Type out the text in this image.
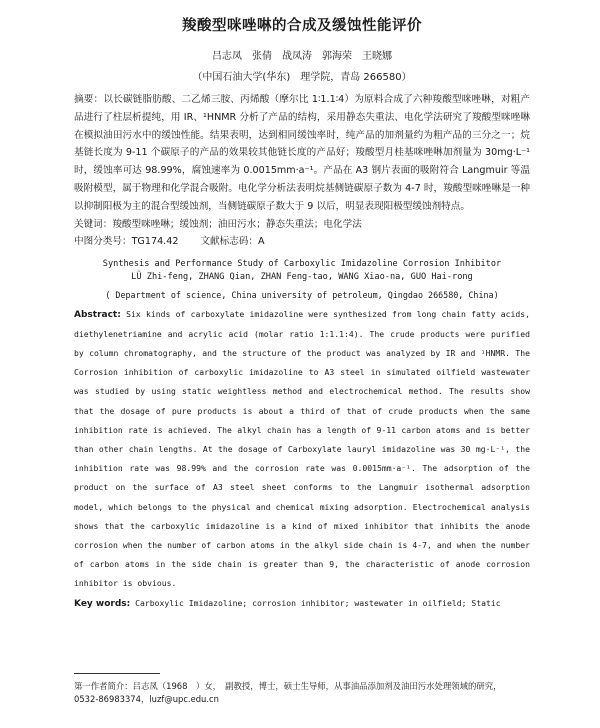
羧酸型咪唑啉的合成及缓蚀性能评价

吕志凤　张倩　战凤涛　郭海荣　王晓娜

（中国石油大学(华东)　理学院，青岛 266580）

摘要：以长碳链脂肪酸、二乙烯三胺、丙烯酸（摩尔比 1∶1.1∶4）为原料合成了六种羧酸型咪唑啉，对粗产品进行了柱层析提纯，用 IR、¹HNMR 分析了产品的结构，采用静态失重法、电化学法研究了羧酸型咪唑啉在模拟油田污水中的缓蚀性能。结果表明，达到相同缓蚀率时，纯产品的加剂量约为粗产品的三分之一；烷基链长度为 9-11 个碳原子的产品的效果较其他链长度的产品好；羧酸型月桂基咪唑啉加剂量为 30mg·L⁻¹时，缓蚀率可达 98.99%，腐蚀速率为 0.0015mm·a⁻¹。产品在 A3 钢片表面的吸附符合 Langmuir 等温吸附模型，属于物理和化学混合吸附。电化学分析法表明烷基侧链碳原子数为 4-7 时，羧酸型咪唑啉是一种以抑制阳极为主的混合型缓蚀剂，当侧链碳原子数大于 9 以后，明显表现阳极型缓蚀剂特点。

关键词：羧酸型咪唑啉；缓蚀剂；油田污水；静态失重法；电化学法

中图分类号：TG174.42 文献标志码：A

Synthesis and Performance Study of Carboxylic Imidazoline Corrosion Inhibitor

LÜ Zhi-feng, ZHANG Qian, ZHAN Feng-tao, WANG Xiao-na, GUO Hai-rong

( Department of science, China university of petroleum, Qingdao 266580, China)

Abstract: Six kinds of carboxylate imidazoline were synthesized from long chain fatty acids, diethylenetriamine and acrylic acid (molar ratio 1:1.1:4). The crude products were purified by column chromatography, and the structure of the product was analyzed by IR and ¹HNMR. The Corrosion inhibition of carboxylic imidazoline to A3 steel in simulated oilfield wastewater was studied by using static weightless method and electrochemical method. The results show that the dosage of pure products is about a third of that of crude products when the same inhibition rate is achieved. The alkyl chain has a length of 9-11 carbon atoms and is better than other chain lengths. At the dosage of Carboxylate lauryl imidazoline was 30 mg·L⁻¹, the inhibition rate was 98.99% and the corrosion rate was 0.0015mm·a⁻¹. The adsorption of the product on the surface of A3 steel sheet conforms to the Langmuir isothermal adsorption model, which belongs to the physical and chemical mixing adsorption. Electrochemical analysis shows that the carboxylic imidazoline is a kind of mixed inhibitor that inhibits the anode corrosion when the number of carbon atoms in the alkyl side chain is 4-7, and when the number of carbon atoms in the side chain is greater than 9, the characteristic of anode corrosion inhibitor is obvious.

Key words: Carboxylic Imidazoline; corrosion inhibitor; wastewater in oilfield; Static

第一作者简介：吕志凤（1968　）女，　副教授，博士，硕士生导师，从事油品添加剂及油田污水处理领域的研究，
0532-86983374，luzf@upc.edu.cn
